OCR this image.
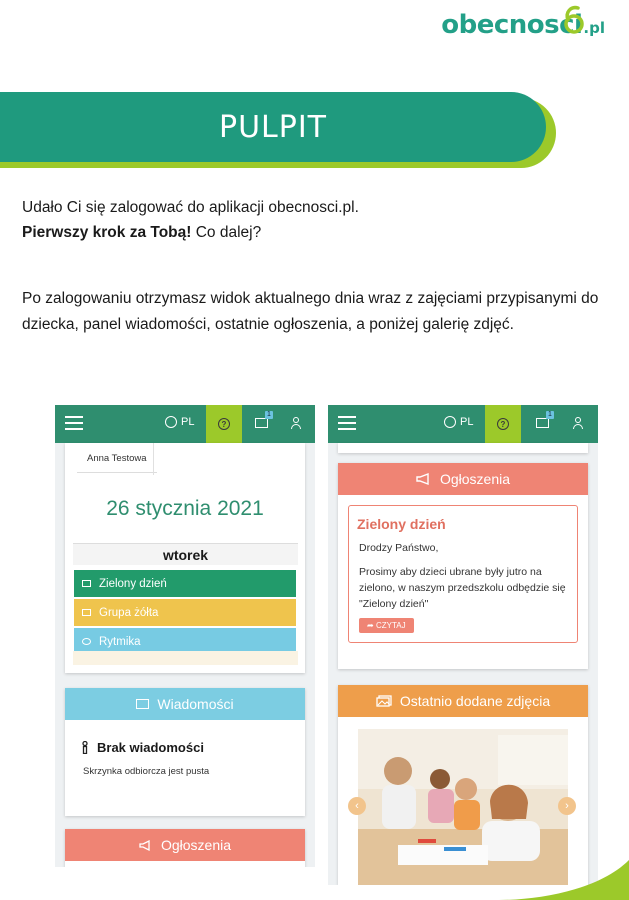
obecnosci .pl
PULPIT
Udało Ci się zalogować do aplikacji obecnosci.pl.
Pierwszy krok za Tobą! Co dalej?
Po zalogowaniu otrzymasz widok aktualnego dnia wraz z zajęciami przypisanymi do dziecka, panel wiadomości, ostatnie ogłoszenia, a poniżej galerię zdjęć.
PL	?
1
Anna Testowa
26 stycznia 2021
wtorek
Zielony dzień
Grupa żółta
Rytmika
Wiadomości
Brak wiadomości
Skrzynka odbiorcza jest pusta
Ogłoszenia
PL	?
1
Ogłoszenia
Zielony dzień
Drodzy Państwo,
Prosimy aby dzieci ubrane były jutro na zielono, w naszym przedszkolu odbędzie się "Zielony dzień"
➦ CZYTAJ
Ostatnio dodane zdjęcia
‹	›
